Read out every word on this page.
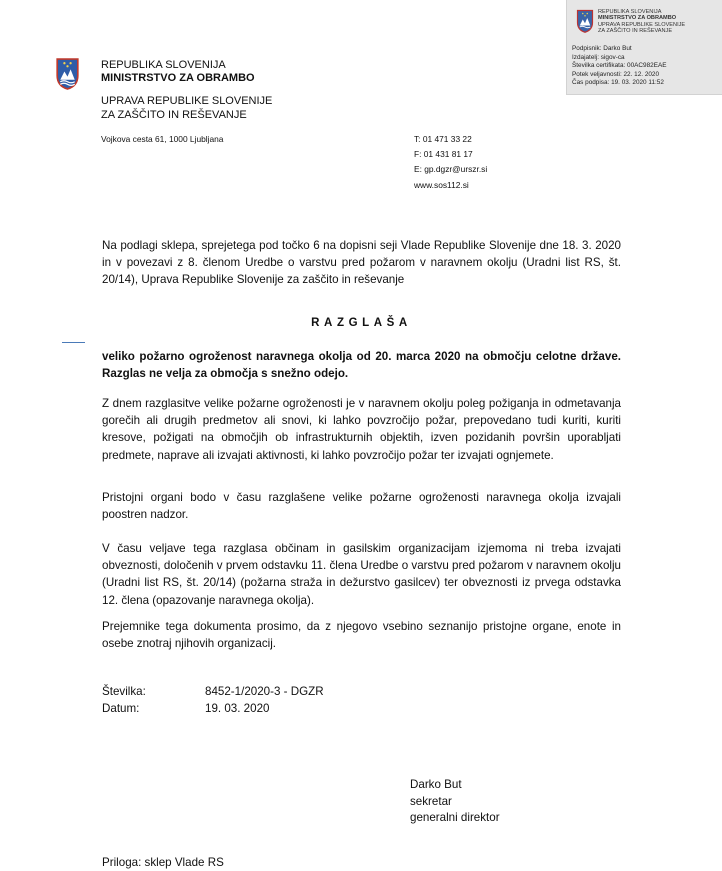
REPUBLIKA SLOVENIJA
MINISTRSTVO ZA OBRAMBO
UPRAVA REPUBLIKE SLOVENIJE
ZA ZAŠČITO IN REŠEVANJE
Podpisnik: Darko But
Izdajatelj: sigov-ca
Številka certifikata: 00AC982EAE
Potek veljavnosti: 22. 12. 2020
Čas podpisa: 19. 03. 2020 11:52
REPUBLIKA SLOVENIJA
MINISTRSTVO ZA OBRAMBO
UPRAVA REPUBLIKE SLOVENIJE
ZA ZAŠČITO IN REŠEVANJE
Vojkova cesta 61, 1000 Ljubljana	T: 01 471 33 22
F: 01 431 81 17
E: gp.dgzr@urszr.si
www.sos112.si
Na podlagi sklepa, sprejetega pod točko 6 na dopisni seji Vlade Republike Slovenije dne 18. 3. 2020 in v povezavi z 8. členom Uredbe o varstvu pred požarom v naravnem okolju (Uradni list RS, št. 20/14), Uprava Republike Slovenije za zaščito in reševanje
RAZGLAŠA
veliko požarno ogroženost naravnega okolja od 20. marca 2020 na območju celotne države. Razglas ne velja za območja s snežno odejo.
Z dnem razglasitve velike požarne ogroženosti je v naravnem okolju poleg požiganja in odmetavanja gorečih ali drugih predmetov ali snovi, ki lahko povzročijo požar, prepovedano tudi kuriti, kuriti kresove, požigati na območjih ob infrastrukturnih objektih, izven pozidanih površin uporabljati predmete, naprave ali izvajati aktivnosti, ki lahko povzročijo požar ter izvajati ognjemete.
Pristojni organi bodo v času razglašene velike požarne ogroženosti naravnega okolja izvajali poostren nadzor.
V času veljave tega razglasa občinam in gasilskim organizacijam izjemoma ni treba izvajati obveznosti, določenih v prvem odstavku 11. člena Uredbe o varstvu pred požarom v naravnem okolju (Uradni list RS, št. 20/14) (požarna straža in dežurstvo gasilcev) ter obveznosti iz prvega odstavka 12. člena (opazovanje naravnega okolja).
Prejemnike tega dokumenta prosimo, da z njegovo vsebino seznanijo pristojne organe, enote in osebe znotraj njihovih organizacij.
Številka:	8452-1/2020-3 - DGZR
Datum:	19. 03. 2020
Darko But
sekretar
generalni direktor
Priloga: sklep Vlade RS
